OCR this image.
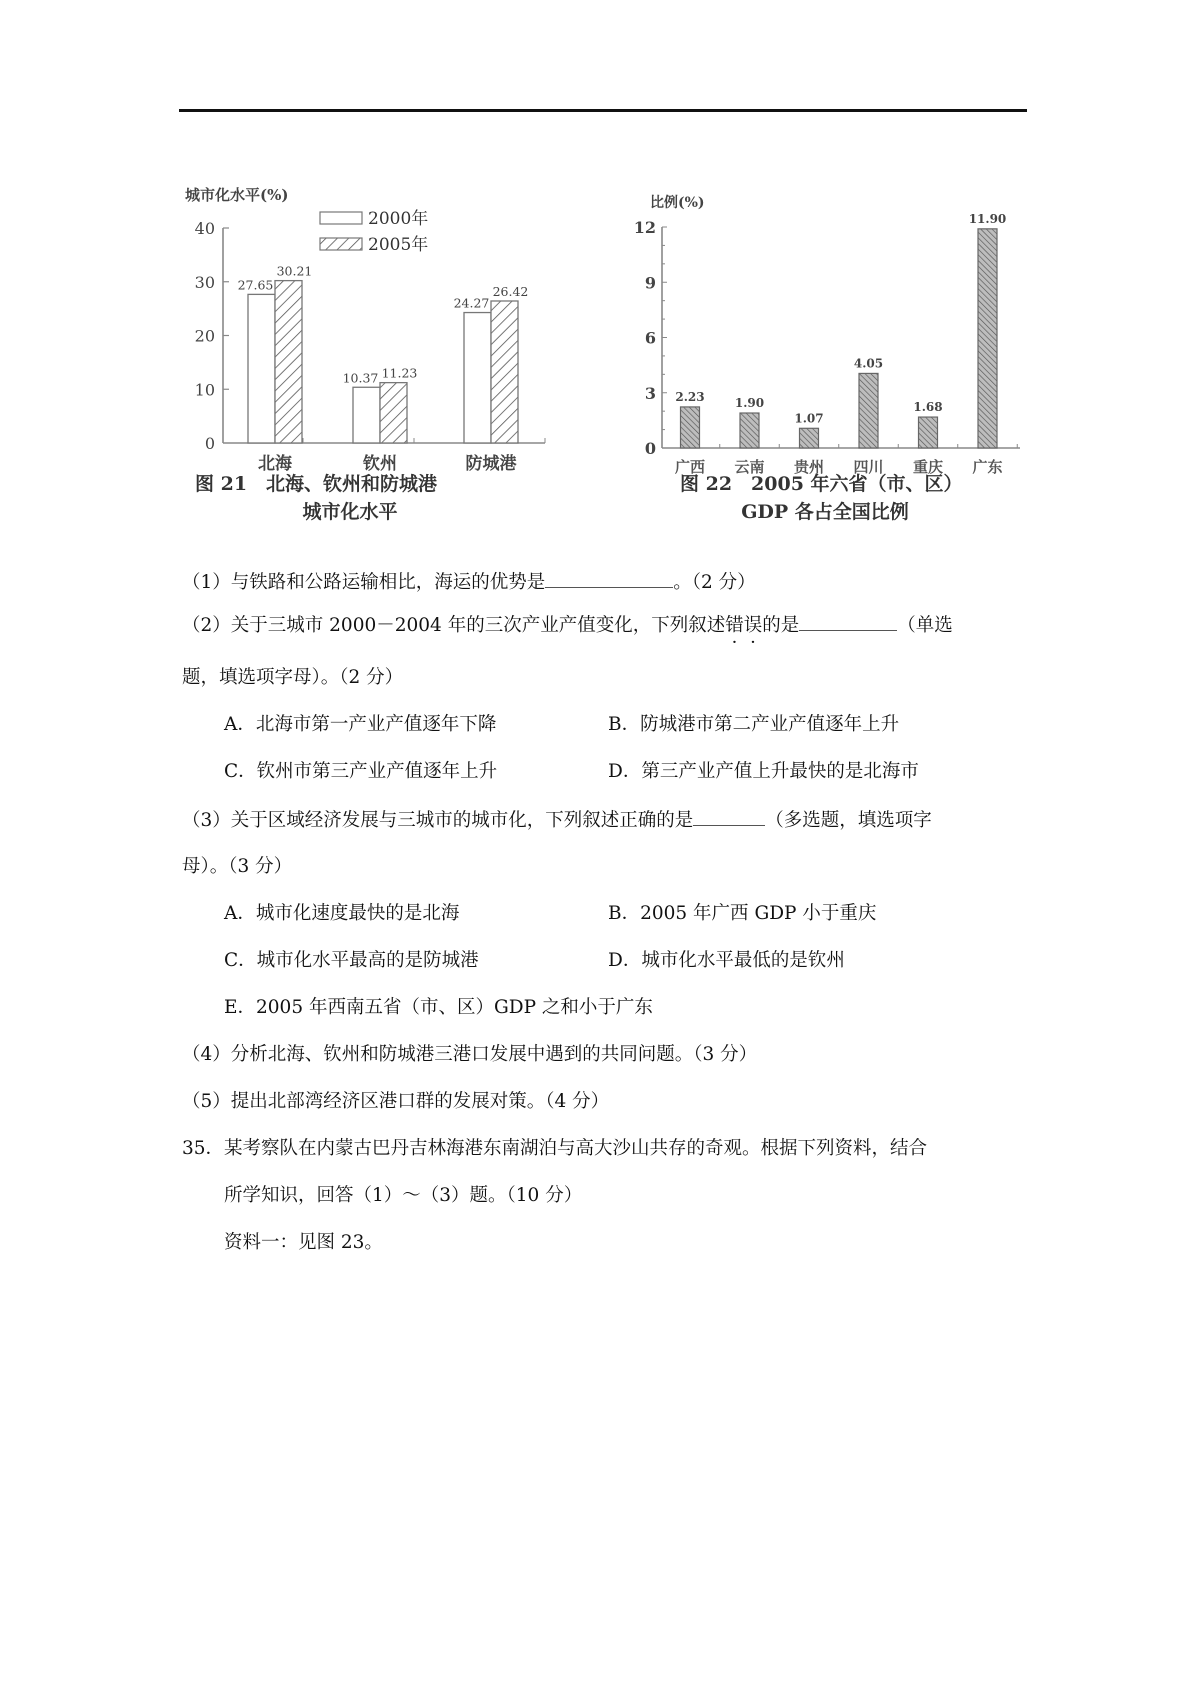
城市化水平(%)
0
10
20
30
40
北海	钦州	防城港
27.65
30.21
10.37 11.23
24.27
26.42
2000年
2005年
图 21　北海、钦州和防城港
城市化水平
比例(%)
0
3
6
9
12
广西 云南 贵州 四川 重庆 广东
2.23	1.90
1.07
4.05
1.68
11.90
图 22　2005 年六省（市、区）
GDP 各占全国比例
（1）与铁路和公路运输相比，海运的优势是	。（2 分）
（2）关于三城市 2000－2004 年的三次产业产值变化，下列叙述错误的是	（单选
题，填选项字母）。（2 分）
A．北海市第一产业产值逐年下降	B．防城港市第二产业产值逐年上升
C．钦州市第三产业产值逐年上升	D．第三产业产值上升最快的是北海市
（3）关于区域经济发展与三城市的城市化，下列叙述正确的是	（多选题，填选项字
母）。（3 分）
A．城市化速度最快的是北海	B．2005 年广西 GDP 小于重庆
C．城市化水平最高的是防城港	D．城市化水平最低的是钦州
E．2005 年西南五省（市、区）GDP 之和小于广东
（4）分析北海、钦州和防城港三港口发展中遇到的共同问题。（3 分）
（5）提出北部湾经济区港口群的发展对策。（4 分）
35．某考察队在内蒙古巴丹吉林海港东南湖泊与高大沙山共存的奇观。根据下列资料，结合
所学知识，回答（1）～（3）题。（10 分）
资料一：见图 23。
